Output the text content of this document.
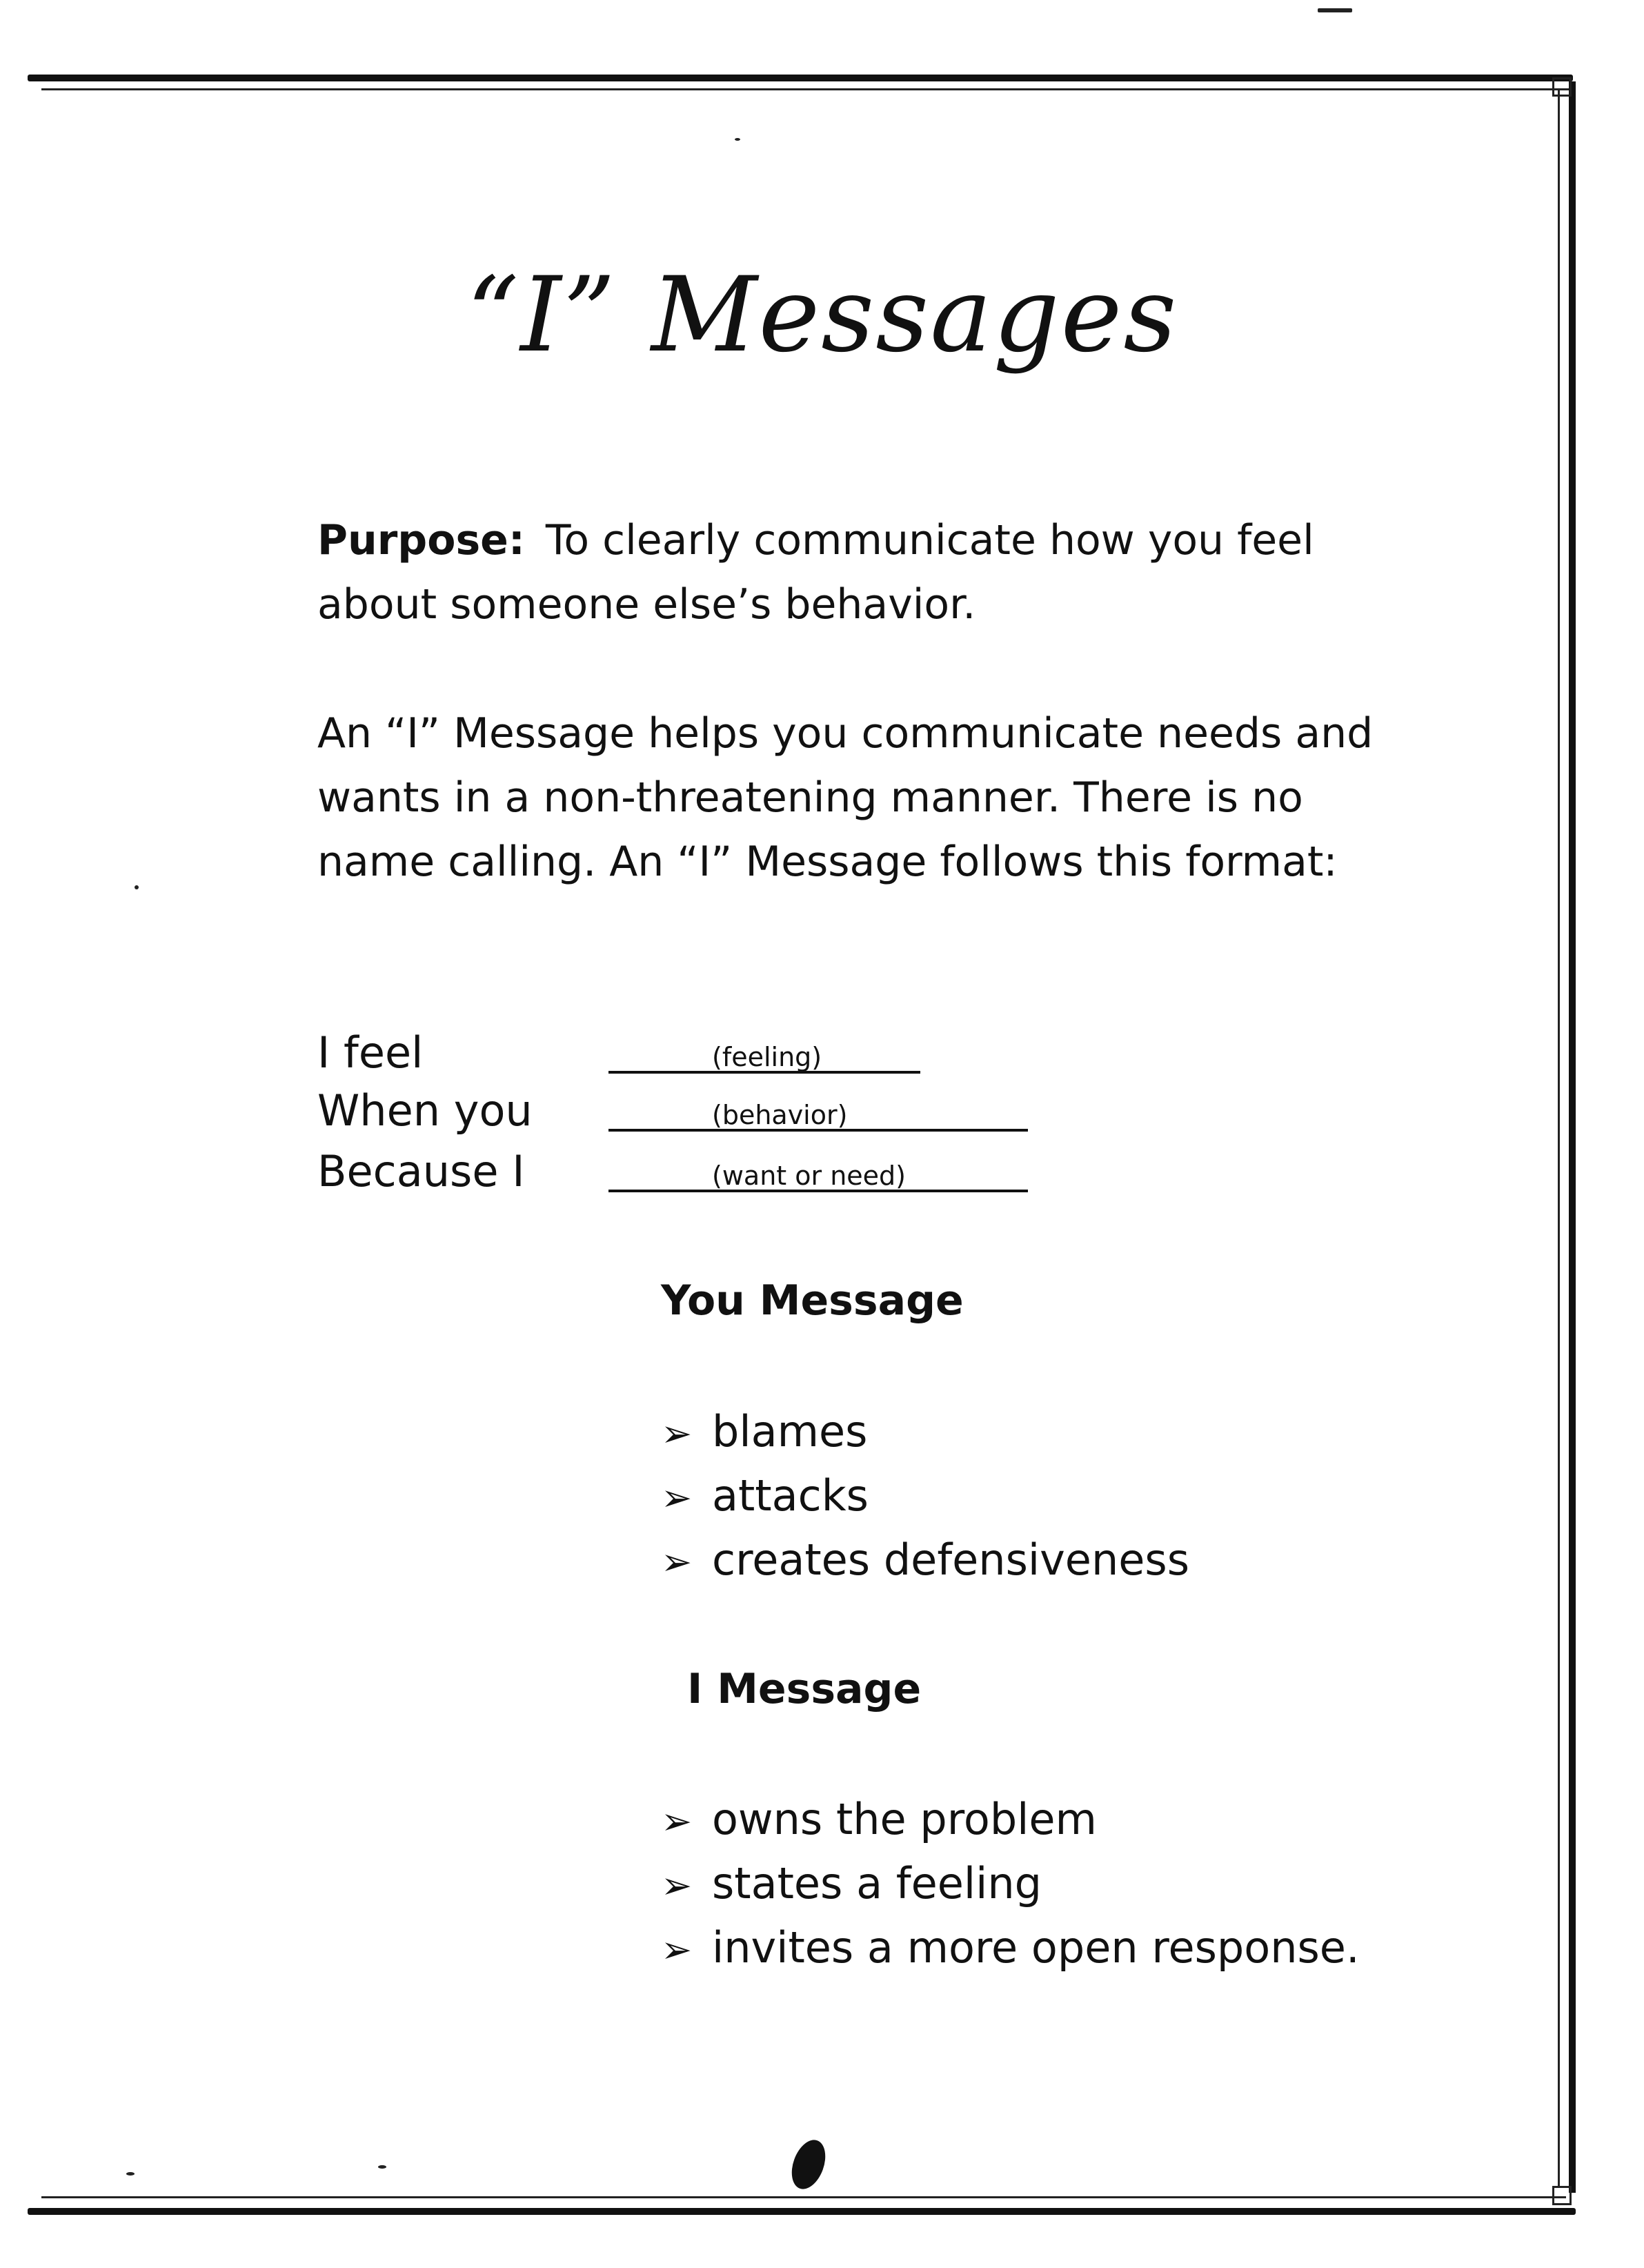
“I” Messages

Purpose: To clearly communicate how you feel about someone else’s behavior.

An “I” Message helps you communicate needs and wants in a non-threatening manner. There is no name calling. An “I” Message follows this format:

I feel	(feeling)
When you	(behavior)
Because I	(want or need)
You Message
➢ blames
➢ attacks
➢ creates defensiveness
I Message
➢ owns the problem
➢ states a feeling
➢ invites a more open response.
